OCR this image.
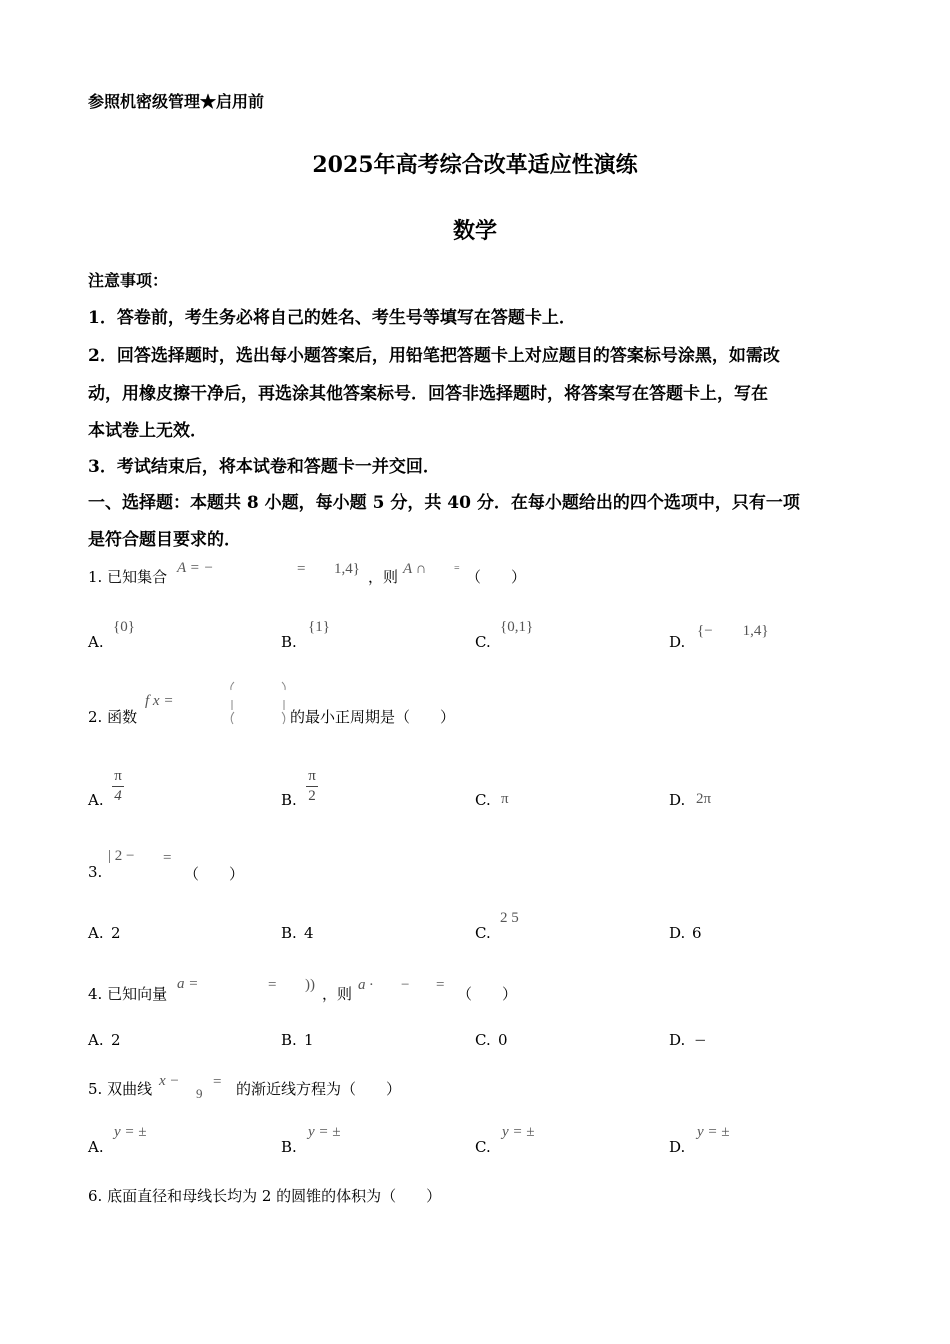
参照机密级管理★启用前
2025年高考综合改革适应性演练
数学
注意事项：
1．答卷前，考生务必将自己的姓名、考生号等填写在答题卡上．
2．回答选择题时，选出每小题答案后，用铅笔把答题卡上对应题目的答案标号涂黑，如需改
动，用橡皮擦干净后，再选涂其他答案标号．回答非选择题时，将答案写在答题卡上，写在
本试卷上无效．
3．考试结束后，将本试卷和答题卡一并交回．
一、选择题：本题共 8 小题，每小题 5 分，共 40 分．在每小题给出的四个选项中，只有一项
是符合题目要求的．
1. 已知集合 A = −	= 1,4} ，则 A ∩	= （　　）
A.
{0}
B.
{1}
C.
{0,1}
D.
{−　　1,4}
2. 函数
f x =
的最小正周期是（　　）
A.
π
4	B.
π
2	C. π	D. 2π
3.
| 2 − =
（　　）
A. 2	B. 4	C.
2 5
D. 6
4. 已知向量
a =	= )) ，则 a · − = （　　）
A. 2	B. 1	C. 0	D. −
5. 双曲线 x −
9
= 的渐近线方程为（　　）
A.
y = ±
B.
y = ±
C.
y = ±
D.
y = ±
6. 底面直径和母线长均为 2 的圆锥的体积为（　　）
